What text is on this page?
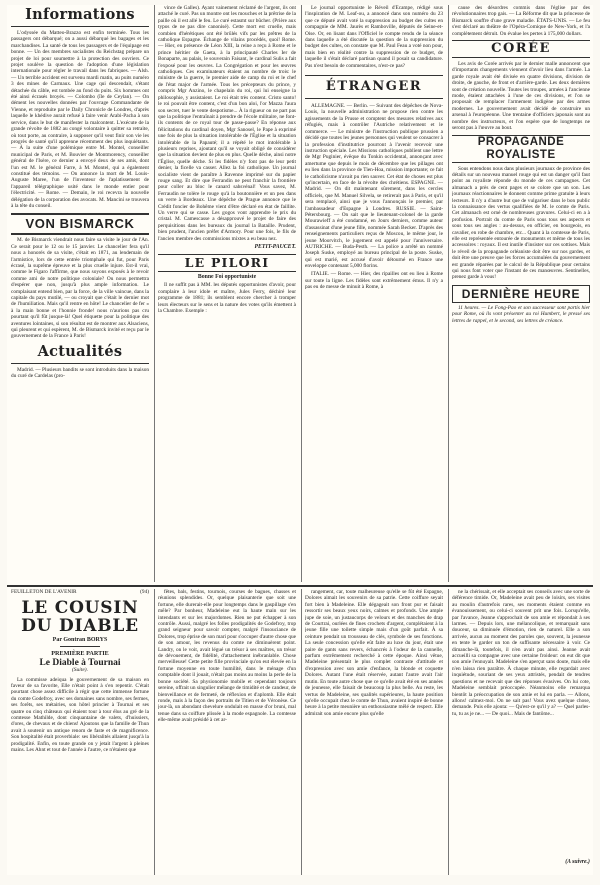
Informations

L'odyssée du Matteo-Brazzo est enfin terminée. Tous les passagers ont débarqué; on a aussi débarqué les bagages et les marchandises. La santé de tous les passagers et de l'équipage est bonne. — Un des membres socialistes du Reichstag prépare un projet de loi pour soumettre à la protection des ouvriers. Ce projet soulève la question de l'adoption d'une législation internationale pour régler le travail dans les fabriques. — Alsh. — Un terrible accident est survenu mardi matin, au puits numéro 3 des mines de Carmaux. Une cage qui descendait, s'étant détachée du câble, est tombée au fond du puits. Six hommes ont été ainsi écrasés broyés. — Colombo (île de Ceylan). — On dément les nouvelles données par l'ouvrage Commandante de Vienne, et reproduite par le Daily Chronicle de Londres, d'après laquelle le khédive aurait refusé à faire venir Arabi-Pacha à son service, dans le but de manifester la malcontent. L'exécute de la grande révolte de 1882 au congé volontaire à quitter sa retraite, où tout porte, au contraire, à supposer qu'il veut finir son vie les progrès de santé qu'il apprenne récemment des plus inquiétants. — À la suite d'une polémique entre M. Montel, conseiller municipal de Paris, et M. Bouvier de Montmorency, conseiller général de l'Isère, ce dernier a envoyé deux de ses amis, dont l'un est M. le général Farre, à M. Montel, qui a également constitué des témoins. — On annonce la mort de M. Louis-Auguste Maree, l'un de l'inventeur de l'aplatissement de l'appareil télégraphique usité dans le monde entier pour l'électricité. — Rome. — Demain, le roi recevra la nouvelle délégation de la corporation des avocats. M. Mancini se trouvera à la tête du conseil.

VON BISMARCK

M. de Bismarck viendrait nous faire sa visite le jour de l'An. Ce serait pour le 12 ou le 15 janvier. Le chancelier fera qu'il nous a honorés de sa visite, c'était en 1871, au lendemain de l'armistice, lors de cette entrée triomphale qui fut, pour Paris écrasé, la suprême épreuve et la plus cruelle injure. Est-il vrai, comme le Figaro l'affirme, que nous soyons exposés à le revoir comme ami de notre politique coloniale? Ou nous permettra d'espérer que non, jusqu'à plus ample information. Le complaisant entend bien, par la force, de la ville vaincue, dans la capitale du pays mutilé, — ou croyait que c'était le dernier mot de l'humiliation. Mais qu'il rentre en hôte! Le chancelier de fer » à la main bonne et l'honnie fronde! nous n'aurions pas cru pourtant qu'il fût jusque-là! Quel étiquette pour la politique des aventures lointaines, si son résultat est de montrer aux Alsaciens, qui pleurent et qui espèrent, M. de Bismarck invité et reçu par le gouvernement de la France à Paris!

Actualités

Madrid. — Plusieurs bandits se sont introduits dans la maison du curé de Cardelas (pro-

vince de Galles). Ayant vainement réclamé de l'argent, ils ont attaché le curé. Pas un montre ont les mouches et la prêtrise de la paille où il est allé le feu. Le curé estasmt sur bûcher. (Prière aux typos de ne pas dire canonisé). Cette mort est cruelle, mais combien d'hérétiques ont été brûlés vifs par les prêtres de la catholique Espagne. Échange de vilains procédés, quoi! Rome. — Hier, en présence de Léon XIII, la reine a reçu à Rome et le prince héritier de Gaeta, à la principauté Charles Ier de Bonaparte, au palais, le souverain Faisant, le cardinal Sulis a fait l'exposé pour les œuvres. La Congrégation et pour les œuvres catholiques. Ces examinateurs étaient au nombre de trois: le ministre de la guerre, le premier aide de camp du roi et le chef de l'état major de l'armée. Tous les précepteurs du prince, y compris Mgr Anzino, le chapelain du roi, qui lui enseigne la philosophie, y assistaient. Le roi était très content. Cristo santo! le roi pouvait être content, c'est d'un bon aloi, l'or Mazza l'aura son secret, tuer le vente despotisme... À la rigueur on ne part pas que la politique l'entraînait à prendre de l'école militaire, ne font-ils contents de ce royal tour de passe-passe? En réponse aux félicitations du cardinal doyen, Mgr Sanosel, le Pape à exprimé une fois de plus la situation intolérable de l'Église et la situation intolérable de la Papauté; il a répété le mot intolérable à plusieurs reprises, ajoutant qu'il se voyait obligé de considérer que la situation devient de plus en plus. Quelle déche, ainsi notre l'Église, quelle déche. Si les fidèles n'y font pas de leur petit denier, la ficelle va casser. Allez la foi catholique. Un journal socialiste vient de paraître à Ravenne imprimé sur du papier rouge sang. Et dire que Ferrandin ne peut franchir la frontière pour coller au bloc le canard sahsvénal! Vous savez, M. Ferraudin ne tolère le rouge qu'à la boutonnière et un peu dans un verre à Bordeaux. Une dépêche de Prague annonce que le Crédit foncier de Bohême vient d'être déclaré en état de faillite. Un verre qui se casse. Les gogos vont apprendre le prix du cristal. M. Camescasse a désapprouvé le projet de faire des perquisitions dans les bureaux du journal la Bataille. Prudent, bien prudent, l'ancien préfet d'Armory. Pour une fois, le fils de l'ancien membre des commissions mixtes a eu beau nez.

PETIT-PAUCET.
LE PILORI
Bonne Foi opportuniste

Il ne suffit pas à MM. les députés opportunistes d'avoir, pour complaire à leur idole et maître, Jules Ferry, déchiré leur programme de 1881; ils semblent encore chercher à tromper leurs électeurs sur le sens et la nature des votes qu'ils émettent à la Chambre. Exemple :

Le journal opportuniste le Réveil d'Écampe, rédigé sous l'inspiration de M. Leaf-ou, a annoncé dans son numéro du 23 que ce député avait voté la suppression au budget des cultes en compagnie de MM. Jaurès et Ramboville, députés de Seine-et-Oise. Or, en lisant dans l'Officiel le compte rendu de la séance dans laquelle a été discutée la question de la suppression du budget des cultes, on constate que M. Paul Feau a voté non pour, mais bien en réalité contre la suppression de ce budget, de laquelle il s'était déclaré partisan quand il posait sa candidature. Pas n'est besoin de commentaires, n'est-ce pas?

ÉTRANGER

ALLEMAGNE. — Berlin. — Suivant des dépêches de Nova-Louis, la nouvelle administration ne propose rien contre les agissements de la Prusse et comptent des mesures relatives aux réfugiés, mais à contrôler l'Autriche relativement et le commerce. — Le ministre de l'instruction publique prussien a décidé que toutes les jeunes personnes qui veulent se consacrer à la profession d'institutrice pourront à l'avenir recevoir une instruction spéciale. Les Missions catholiques publient une lettre de Mgr Puginier, évêque du Tonkin occidental, annonçant avec amertume que depuis le mois de décembre que les pillages ont eu lieu dans la province de Tien-Hoa, mission importante; ce fait le catholicisme n'avait pu rien sauver. Cet état de choses est plus qu'incertain, en face de la révolte des chrétiens. ESPAGNE. — Madrid. — On dit maintenant sûrement, dans les cercles officiels, que M. Manuel Silvela, se retirerait pas à Paris, et qu'il sera remplacé, ainsi que je vous l'annonçais le premier, par l'ambassadeur d'Espagne à Londres. RUSSIE. — Saint-Pétersbourg. — On sait que le lieutenant-colonel de la garde Mourawieff a été condamné, en Jours derniers, comme auteur d'assassinat d'une jeune fille, nommée Sarah Becker. D'après des renseignements particuliers reçus de Moscou, le même jour, le jeune Moorvitch, le jugement est appelé pour l'anniversaire. AUTRICHE. — Buda-Pesth. — La police a arrêté un nommé Joseph Suske, employé au bureau principal de la poste. Suske, qui est marié, est accusé d'avoir détourné en France une enveloppe contenant 5,000 florins.

ITALIE. — Rome. — Hier, des ripailles ont eu lieu à Rome sur toute la ligne. Les fidèles sont extrêmement émus. Il n'y a pas eu de messe de minuit à Rome, à

cause des désordres commis dans l'église par des révolutionnaires trop gais. — La Réforme dit que la princesse de Bismarck souffre d'une grave maladie. ÉTATS-UNIS. — Le feu s'est déclaré au théâtre de l'Opéra-Comique de New-York, et l'a complètement détruit. On évalue les pertes à 175,000 dollars.

CORÉE

Les avis de Corée arrivés par le dernier malle annoncent que d'importants changements viennent d'avoir lieu dans l'armée. La garde royale avait été divisée en quatre divisions, division de droite, de gauche, de front et d'arrière-garde. Les deux dernières sont de création nouvelle. Toutes les troupes, armées à l'ancienne mode, étaient attachées à l'une de ces divisions, et l'on se proposait de remplacer l'armement indigène par des armes modernes. Le gouvernement avait décidé de construire un arsenal à l'européenne. Une trentaine d'officiers japonais sont au nombre des instructeurs, et l'on espère que de longtemps ne seront pas à l'œuvre au bout.

PROPAGANDE ROYALISTE

Sous entendons nous dans plusieurs journaux de province des détails sur un nouveau manuel rouge qui est un danger qu'il faut point au royaliste réponde du monde de ces campagnes. Cet almanach a près de cent pages et se colore que un son. Les journaux réactionnaires le donnent comme prime gratuite à leurs lecteurs. Il n'y a d'autre but que de vulgariser dans le bon public la connaissance des vertus qualifiées de M. le comte de Paris. Cet almanach est orné de nombreuses gravures. Celui-ci en a à profusion. Portrait du comte de Paris sous tous ses aspects et sous tous ses angles : au-dessus, en officier, en bourgeois, en cavalier, en robe de chambre, etc... Quant à la comtesse de Paris, elle est représentée entourée de monuments et même de tous les accessoires : royaux. Il est inutile d'insister sur ces sottises. Mais le réveil de la propagande orléaniste doit être sur nos gardes, et doit être une preuve que les forces accumulées du gouvernement est grande réparées par le calcul de la République pour certains qui nous font voter que l'instant de ces manœuvres. Sentinelles, prenez garde à vous!

DERNIÈRE HEURE

11 heures. — Le Fong-Pao et son successeur sont partis hier pour Rome, où ils vont présenter au roi Humbert, le pressé ses lettres de rappel, et le second, ses lettres de créance.

FEUILLETON DE L'AVENIR	(94)
LE COUSIN DU DIABLE
Par Gontran BORYS
PREMIÈRE PARTIE
Le Diable à Tournai
(Suite).

La commisse adeiqua le gouvernement de sa maison en faveur de sa favorite, Elle n'était point à s'en repentir. C'était pourtant chose assez difficile à régir que cette immense fortune du comte Godefroy, avec ses domaines sans nombre, ses fermes, ses forêts, ses métairies, son hôtel princier à Tournai et ses quatre ou cinq châteaux qui étaient tour à tour élus au gré de la comtesse Mathilde, dont cinquantaine de valets, d'huissiers, d'ores, de chevaux et de chiens! Ajoutons que la famille de Thun avait à soutenir un antique renom de faste et de magnificence. Son hospitalité était proverbiale: ses libéralités allaient jusqu'à la prodigalité. Enfin, en toute grande on y jetait l'argent à pleines mains. Les Ahnt et tout de l'année à l'autre, ce n'étaient que

fêtes, bals, festins, tournois, courses de bagues, chasses et réunions splendides. Or, quelque plaisanterie que soit une fortune, elle durerait-elle pour longtemps dans le gaspillage s'en mêle? Par bonheur, Madeleine eut la haute main sur les intendants et sur les majordomes. Rien ne put échapper à son contrôle. Aussi, malgré les folles prodigalités de Godefroy, trop grand seigneur pour savoir compter, malgré l'insouciance de Dolores, trop éprise de son mari pour s'occuper d'autre chose que de son amour, les revenus du comte ne diminuèrent point. Landry, on le voit, avait légué un trésor à ses maîtres, un trésor de dévouement, de fidélité, d'attachement inébranlable. Chose merveilleuse! Cette petite fille provinciale qu'on eut élevée en la fortune moyenne en toute humilité, dans le ménage d'un comptable dont il jouait, n'était pas moins au moins la perle de la bonne société. Sa physionomie mobile et cependant toujours sereine, offrait un singulier mélange de timidité et de candeur, de bienveillance et de fermeté, de réflexion et d'aplomb. Elle était ronde, mais à la façon des portraits de Titien et de Véronèse. Ce jour-là, un abondant chevelure ondulait en masse d'or bruni, mal tenue dans sa coiffure plissée à la mode espagnole. La comtesse elle-même avait présidé à cet ar-

rangement, car, toute malheureuse qu'elle se fût été Espagne, Dolores aimait les souvenirs de sa patrie. Cette coiffure seyait fort bien à Madeleine. Elle dégageait son front pur et faisait ressortir ses beaux yeux noirs, calmes et profonds. Une ample jupe de soie, un justaucorps de velours et des manches de drap de Courtrai, ourlées de fines crochets d'argent, complétaient à la jeune fille une toilette simple mais d'un goût parfait. À sa ceinture pendait un trousseau de clés, symbole de ses fonctions. La seule concession qu'elle eût faite au luxe du jour, était une paire de gants sans revers, échancrés à l'odeur de la cannelle, parfum extrêmement recherché à cette époque. Ainsi vêtue, Madeleine présentait le plus complet contraste d'attitude et d'expression avec son amie d'enfance, la blonde et coquette Dolores. Autant l'une était réservée, autant l'autre avait l'air mutin. En toute autre chose que ce qu'elle avait été en ses années de jeunesse, elle faisait de beaucoup la plus belle. Au reste, les vertus de Madeleine, ses qualités supérieures, la haute position qu'elle occupait chez le comte de Thun, avaient inspiré de bonne heure à la petite meunière un enthousiasme mêlé de respect. Elle admirait son amie encore plus qu'elle

ne la chérissait, et elle acceptait ses conseils avec une sorte de déférence timide. Or, Madeleine avait peu de loisirs, ses visites au moulin d'autrefois rares, ses moments étaient comme en évanouissement, ou celui-ci souvent prit une fois. Lorsqu'elle, par l'avance, Jeanne s'approchait de son amie et répondait à ses larmes. — Depuis lors, une mélancolique, et remarquait sans douceur, sa diminuée d'émotion, rien de naturel. Elle a son arrivée, aucun au moment des paroles que, souvent, la jeunesse en tente le garder un ton de suffisante nécessaire à voir. Ce dimanche-là, toutefois, il n'en avait pas ainsi. Jeanne avait accueilli sa compagne avec une certaine froideur: on eut dit que son amie l'ennuyait. Madeleine s'en aperçut sans doute, mais elle n'en laissa rien paraître. À chaque minute, elle regardait avec inquiétude, souriant de ses yeux attristés, pendait de tendres questions et ne recevait que des réponses évasives. On lui cote, Madeleine semblait préoccupée. Néanmoins elle remarqua bientôt la préoccupation de son amie et lui en parla. — Allons, allons! calmez-moi. On ne sait pas! Vous avez quelque chose, demande. Puis elle ajouta: — Qu'est-ce qu'il y a? — Quel parles-tu, tu as je ne... — De quoi... Mais de fantôme...

(A suivre.)
